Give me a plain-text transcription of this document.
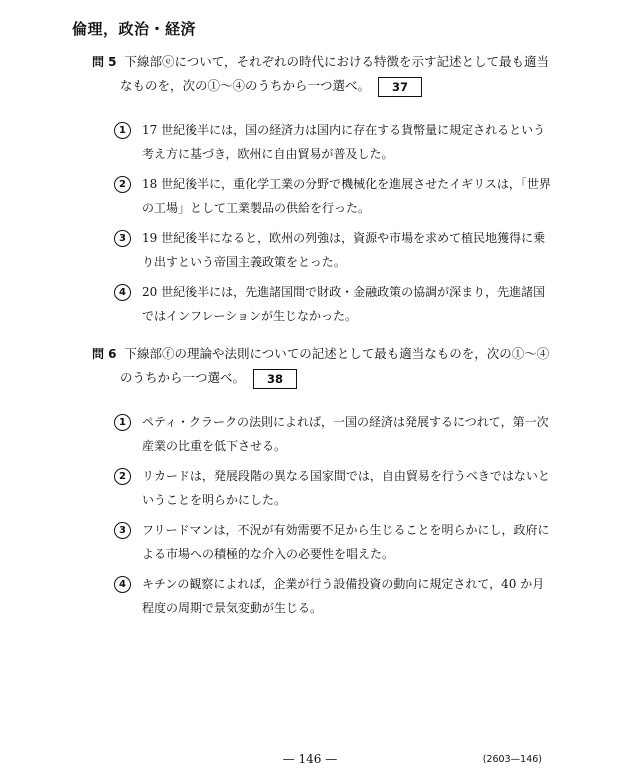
倫理，政治・経済
問 5 下線部ⓔについて，それぞれの時代における特徴を示す記述として最も適当
なものを，次の①〜④のうちから一つ選べ。 37
1	17 世紀後半には，国の経済力は国内に存在する貨幣量に規定されるという考え方に基づき，欧州に自由貿易が普及した。
2	18 世紀後半に，重化学工業の分野で機械化を進展させたイギリスは，「世界の工場」として工業製品の供給を行った。
3	19 世紀後半になると，欧州の列強は，資源や市場を求めて植民地獲得に乗り出すという帝国主義政策をとった。
4	20 世紀後半には，先進諸国間で財政・金融政策の協調が深まり，先進諸国ではインフレーションが生じなかった。
問 6 下線部ⓕの理論や法則についての記述として最も適当なものを，次の①〜④
のうちから一つ選べ。 38
1	ペティ・クラークの法則によれば，一国の経済は発展するにつれて，第一次産業の比重を低下させる。
2	リカードは，発展段階の異なる国家間では，自由貿易を行うべきではないということを明らかにした。
3	フリードマンは，不況が有効需要不足から生じることを明らかにし，政府による市場への積極的な介入の必要性を唱えた。
4	キチンの観察によれば，企業が行う設備投資の動向に規定されて，40 か月程度の周期で景気変動が生じる。
— 146 —	(2603—146)
